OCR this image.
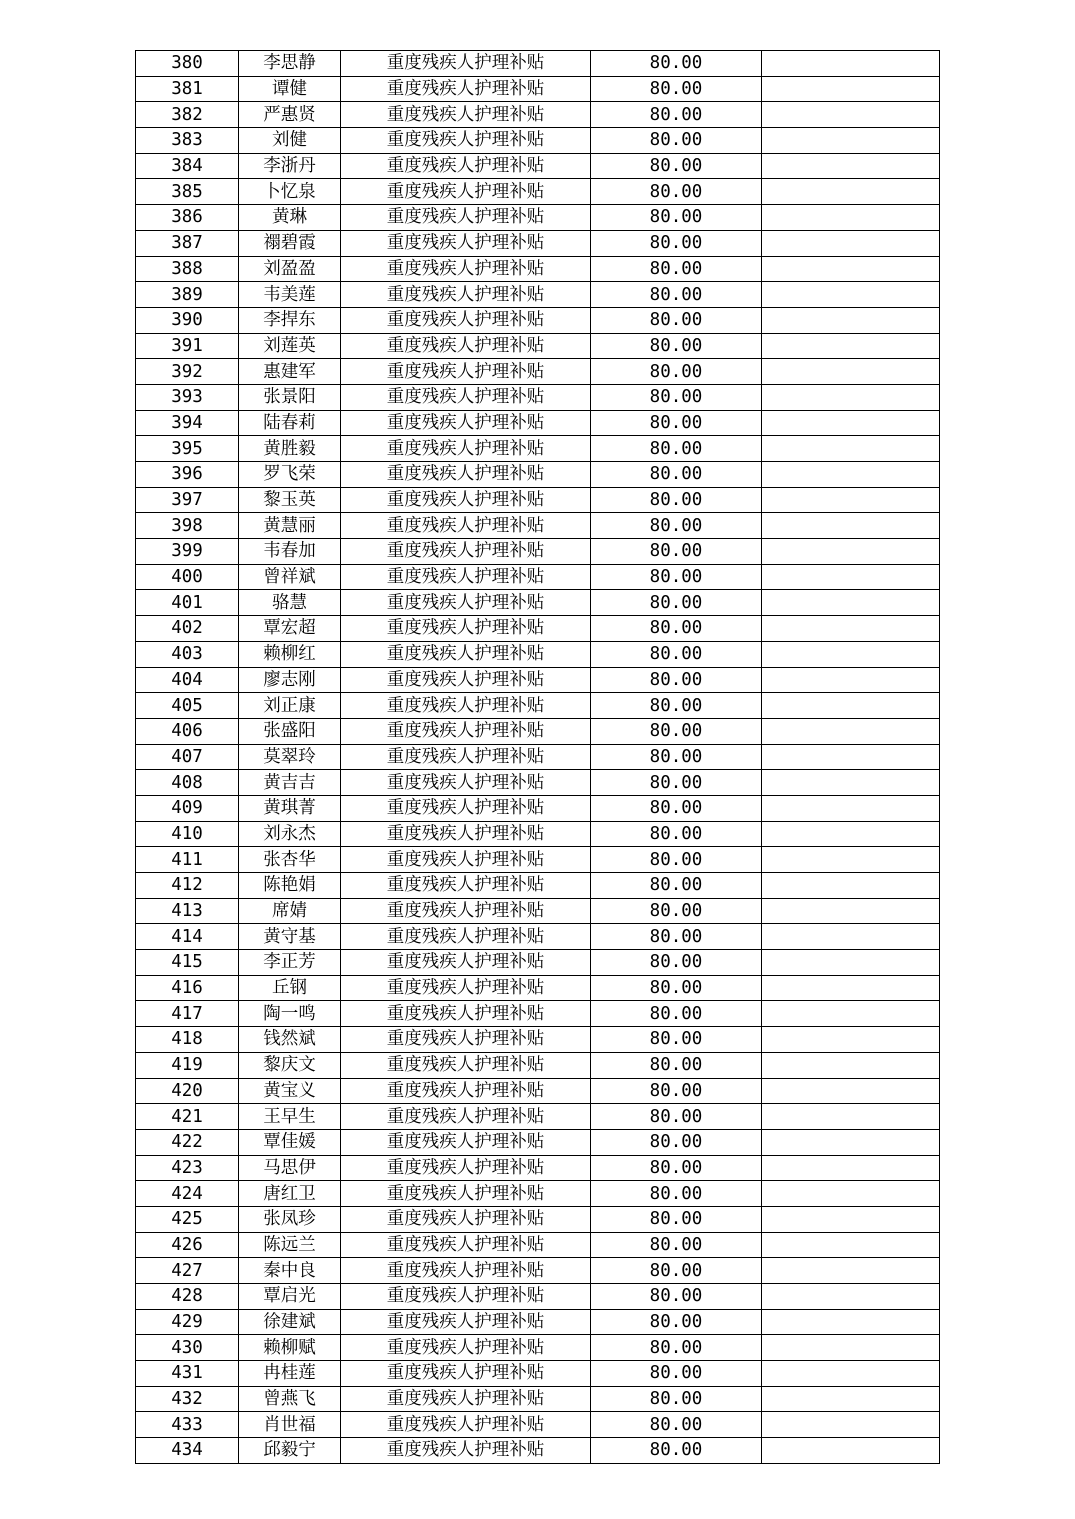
380	李思静	重度残疾人护理补贴	80.00	
381	谭健	重度残疾人护理补贴	80.00	
382	严惠贤	重度残疾人护理补贴	80.00	
383	刘健	重度残疾人护理补贴	80.00	
384	李浙丹	重度残疾人护理补贴	80.00	
385	卜忆泉	重度残疾人护理补贴	80.00	
386	黄琳	重度残疾人护理补贴	80.00	
387	禤碧霞	重度残疾人护理补贴	80.00	
388	刘盈盈	重度残疾人护理补贴	80.00	
389	韦美莲	重度残疾人护理补贴	80.00	
390	李捍东	重度残疾人护理补贴	80.00	
391	刘莲英	重度残疾人护理补贴	80.00	
392	惠建军	重度残疾人护理补贴	80.00	
393	张景阳	重度残疾人护理补贴	80.00	
394	陆春莉	重度残疾人护理补贴	80.00	
395	黄胜毅	重度残疾人护理补贴	80.00	
396	罗飞荣	重度残疾人护理补贴	80.00	
397	黎玉英	重度残疾人护理补贴	80.00	
398	黄慧丽	重度残疾人护理补贴	80.00	
399	韦春加	重度残疾人护理补贴	80.00	
400	曾祥斌	重度残疾人护理补贴	80.00	
401	骆慧	重度残疾人护理补贴	80.00	
402	覃宏超	重度残疾人护理补贴	80.00	
403	赖柳红	重度残疾人护理补贴	80.00	
404	廖志刚	重度残疾人护理补贴	80.00	
405	刘正康	重度残疾人护理补贴	80.00	
406	张盛阳	重度残疾人护理补贴	80.00	
407	莫翠玲	重度残疾人护理补贴	80.00	
408	黄吉吉	重度残疾人护理补贴	80.00	
409	黄琪菁	重度残疾人护理补贴	80.00	
410	刘永杰	重度残疾人护理补贴	80.00	
411	张杏华	重度残疾人护理补贴	80.00	
412	陈艳娟	重度残疾人护理补贴	80.00	
413	席婧	重度残疾人护理补贴	80.00	
414	黄守基	重度残疾人护理补贴	80.00	
415	李正芳	重度残疾人护理补贴	80.00	
416	丘钢	重度残疾人护理补贴	80.00	
417	陶一鸣	重度残疾人护理补贴	80.00	
418	钱然斌	重度残疾人护理补贴	80.00	
419	黎庆文	重度残疾人护理补贴	80.00	
420	黄宝义	重度残疾人护理补贴	80.00	
421	王早生	重度残疾人护理补贴	80.00	
422	覃佳媛	重度残疾人护理补贴	80.00	
423	马思伊	重度残疾人护理补贴	80.00	
424	唐红卫	重度残疾人护理补贴	80.00	
425	张凤珍	重度残疾人护理补贴	80.00	
426	陈远兰	重度残疾人护理补贴	80.00	
427	秦中良	重度残疾人护理补贴	80.00	
428	覃启光	重度残疾人护理补贴	80.00	
429	徐建斌	重度残疾人护理补贴	80.00	
430	赖柳赋	重度残疾人护理补贴	80.00	
431	冉桂莲	重度残疾人护理补贴	80.00	
432	曾燕飞	重度残疾人护理补贴	80.00	
433	肖世福	重度残疾人护理补贴	80.00	
434	邱毅宁	重度残疾人护理补贴	80.00	
